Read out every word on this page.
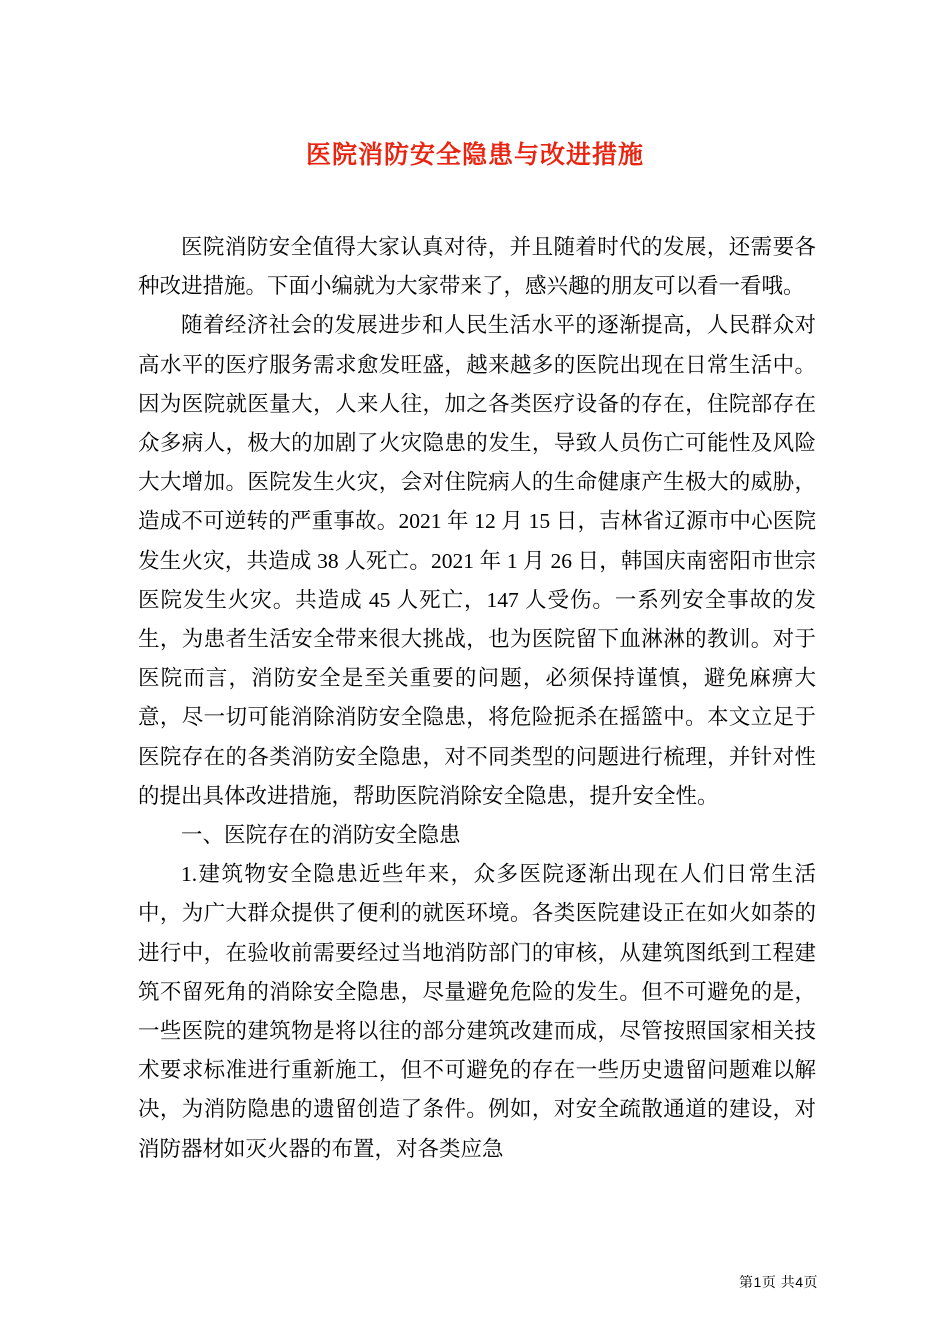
医院消防安全隐患与改进措施

医院消防安全值得大家认真对待，并且随着时代的发展，还需要各种改进措施。下面小编就为大家带来了，感兴趣的朋友可以看一看哦。

随着经济社会的发展进步和人民生活水平的逐渐提高，人民群众对高水平的医疗服务需求愈发旺盛，越来越多的医院出现在日常生活中。因为医院就医量大，人来人往，加之各类医疗设备的存在，住院部存在众多病人，极大的加剧了火灾隐患的发生，导致人员伤亡可能性及风险大大增加。医院发生火灾，会对住院病人的生命健康产生极大的威胁，造成不可逆转的严重事故。2021 年 12 月 15 日，吉林省辽源市中心医院发生火灾，共造成 38 人死亡。2021 年 1 月 26 日，韩国庆南密阳市世宗医院发生火灾。共造成 45 人死亡，147 人受伤。一系列安全事故的发生，为患者生活安全带来很大挑战，也为医院留下血淋淋的教训。对于医院而言，消防安全是至关重要的问题，必须保持谨慎，避免麻痹大意，尽一切可能消除消防安全隐患，将危险扼杀在摇篮中。本文立足于医院存在的各类消防安全隐患，对不同类型的问题进行梳理，并针对性的提出具体改进措施，帮助医院消除安全隐患，提升安全性。

一、医院存在的消防安全隐患

1.建筑物安全隐患近些年来，众多医院逐渐出现在人们日常生活中，为广大群众提供了便利的就医环境。各类医院建设正在如火如荼的进行中，在验收前需要经过当地消防部门的审核，从建筑图纸到工程建筑不留死角的消除安全隐患，尽量避免危险的发生。但不可避免的是，一些医院的建筑物是将以往的部分建筑改建而成，尽管按照国家相关技术要求标准进行重新施工，但不可避免的存在一些历史遗留问题难以解决，为消防隐患的遗留创造了条件。例如，对安全疏散通道的建设，对消防器材如灭火器的布置，对各类应急

第1页 共4页
